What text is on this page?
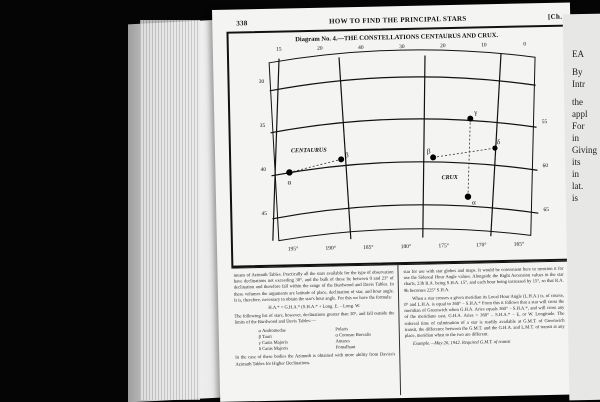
338	HOW TO FIND THE PRINCIPAL STARS	[Ch.
Diagram No. 4.—THE CONSTELLATIONS CENTAURUS AND CRUX.
15	20	40	30	20	10	0
195°	190°	185°	180°	175°	170°	165°
30
35
40
45
55
60
65
CENTAURUS
α
β
CRUX
α
β
γ
δ
means of Azimuth Tables. Practically all the stars available for the type of observation have declinations not exceeding 30°, and the bulk of these lie between 0 and 23° of declination and therefore fall within the range of the Burdwood and Davis Tables. In these volumes the arguments are latitude of place, declination of star, and hour angle. It is, therefore, necessary to obtain the star's hour angle. For this we have the formula:
H.A.* = G.H.A.* (S.H.A.* + Long. E. – Long. W.
The following list of stars, however, declinations greater than 30°, and fall outside the limits of the Burdwood and Davis Tables:—
α Andromedae
β Tauri
γ Canis Majoris
δ Canis Majoris
Polaris
α Coronae Borealis
Antares
Fomalhaut
In the case of these bodies the Azimuth is obtained with more ability from Davies's Azimuth Tables for Higher Declinations.
star for use with star globes and maps. It would be convenient here to mention it for use the Sidereal Hour Angle values. Alongside the Right Ascension values in the star charts, 23h R.A. being S.H.A. 15°, and each hour being increased by 15°, so that R.A. 9h becomes 225° S.H.A.
When a star crosses a given meridian its Local Hour Angle (L.H.A.) is, of course, 0° and L.H.A. is equal to 360° – S.H.A.* From this it follows that a star will cross the meridian of Greenwich when G.H.A. Aries equals 360° – S.H.A.*, and will cross any of the meridians east, G.H.A. Aries = 360° – S.H.A.* – E, or W. Longitude. The sidereal time of culmination of a star is readily available at G.M.T. of Greenwich transit, the difference between the G.M.T. and the G.H.A. and L.M.T. of transit at any place, meridian when to the two are different.
Example.—May 26, 1942. Required G.M.T. of transit
EA
By
Intr
the
appl
For
in
Giving
its
in
lat.
is
